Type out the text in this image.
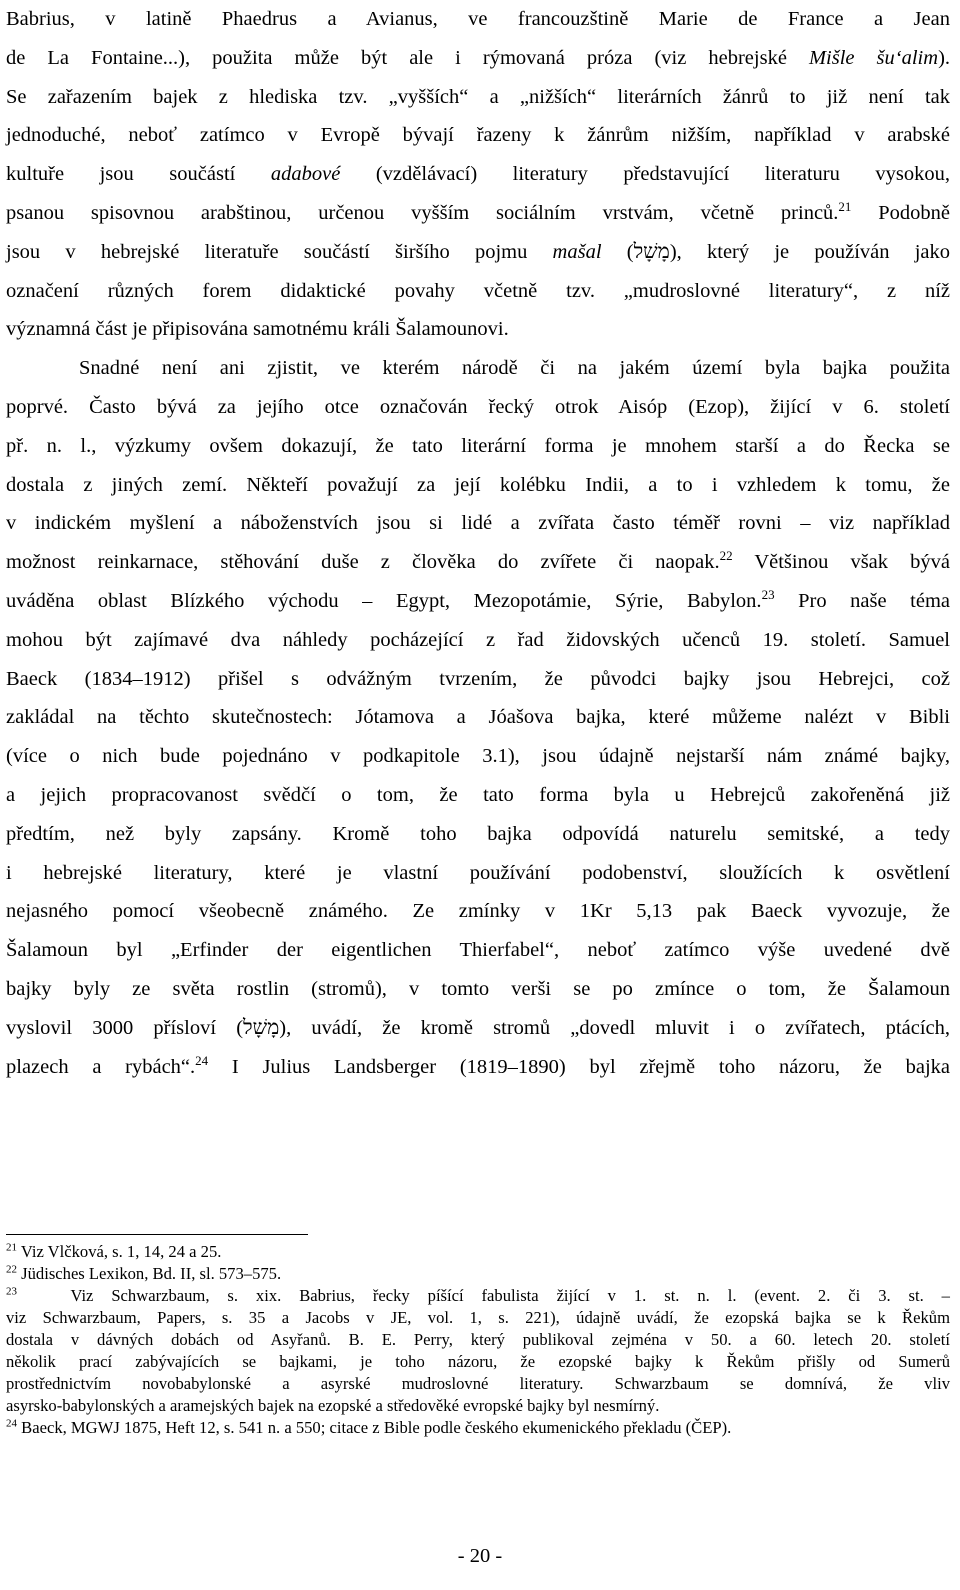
Babrius, v latině Phaedrus a Avianus, ve francouzštině Marie de France a Jean
de La Fontaine...), použita může být ale i rýmovaná próza (viz hebrejské Mišle šu‘alim).
Se zařazením bajek z hlediska tzv. „vyšších“ a „nižších“ literárních žánrů to již není tak
jednoduché, neboť zatímco v Evropě bývají řazeny k žánrům nižším, například v arabské
kultuře jsou součástí adabové (vzdělávací) literatury představující literaturu vysokou,
psanou spisovnou arabštinou, určenou vyšším sociálním vrstvám, včetně princů.$^{21}$ Podobně
jsou v hebrejské literatuře součástí širšího pojmu mašal (מָשָׁל), který je používán jako
označení různých forem didaktické povahy včetně tzv. „mudroslovné literatury“, z níž
významná část je připisována samotnému králi Šalamounovi.
Snadné není ani zjistit, ve kterém národě či na jakém území byla bajka použita
poprvé. Často bývá za jejího otce označován řecký otrok Aisóp (Ezop), žijící v 6. století
př. n. l., výzkumy ovšem dokazují, že tato literární forma je mnohem starší a do Řecka se
dostala z jiných zemí. Někteří považují za její kolébku Indii, a to i vzhledem k tomu, že
v indickém myšlení a náboženstvích jsou si lidé a zvířata často téměř rovni – viz například
možnost reinkarnace, stěhování duše z člověka do zvířete či naopak.$^{22}$ Většinou však bývá
uváděna oblast Blízkého východu – Egypt, Mezopotámie, Sýrie, Babylon.$^{23}$ Pro naše téma
mohou být zajímavé dva náhledy pocházející z řad židovských učenců 19. století. Samuel
Baeck (1834–1912) přišel s odvážným tvrzením, že původci bajky jsou Hebrejci, což
zakládal na těchto skutečnostech: Jótamova a Jóašova bajka, které můžeme nalézt v Bibli
(více o nich bude pojednáno v podkapitole 3.1), jsou údajně nejstarší nám známé bajky,
a jejich propracovanost svědčí o tom, že tato forma byla u Hebrejců zakořeněná již
předtím, než byly zapsány. Kromě toho bajka odpovídá naturelu semitské, a tedy
i hebrejské literatury, které je vlastní používání podobenství, sloužících k osvětlení
nejasného pomocí všeobecně známého. Ze zmínky v 1Kr 5,13 pak Baeck vyvozuje, že
Šalamoun byl „Erfinder der eigentlichen Thierfabel“, neboť zatímco výše uvedené dvě
bajky byly ze světa rostlin (stromů), v tomto verši se po zmínce o tom, že Šalamoun
vyslovil 3000 přísloví (מָשָׁל), uvádí, že kromě stromů „dovedl mluvit i o zvířatech, ptácích,
plazech a rybách“.$^{24}$ I Julius Landsberger (1819–1890) byl zřejmě toho názoru, že bajka
$^{21}$ Viz Vlčková, s. 1, 14, 24 a 25.
$^{22}$ Jüdisches Lexikon, Bd. II, sl. 573–575.
$^{23}$	Viz Schwarzbaum, s. xix. Babrius, řecky píšící fabulista žijící v 1. st. n. l. (event. 2. či 3. st. –
viz Schwarzbaum, Papers, s. 35 a Jacobs v JE, vol. 1, s. 221), údajně uvádí, že ezopská bajka se k Řekům
dostala v dávných dobách od Asyřanů. B. E. Perry, který publikoval zejména v 50. a 60. letech 20. století
několik prací zabývajících se bajkami, je toho názoru, že ezopské bajky k Řekům přišly od Sumerů
prostřednictvím novobabylonské a asyrské mudroslovné literatury. Schwarzbaum se domnívá, že vliv
asyrsko-babylonských a aramejských bajek na ezopské a středověké evropské bajky byl nesmírný.
$^{24}$ Baeck, MGWJ 1875, Heft 12, s. 541 n. a 550; citace z Bible podle českého ekumenického překladu (ČEP).
- 20 -
